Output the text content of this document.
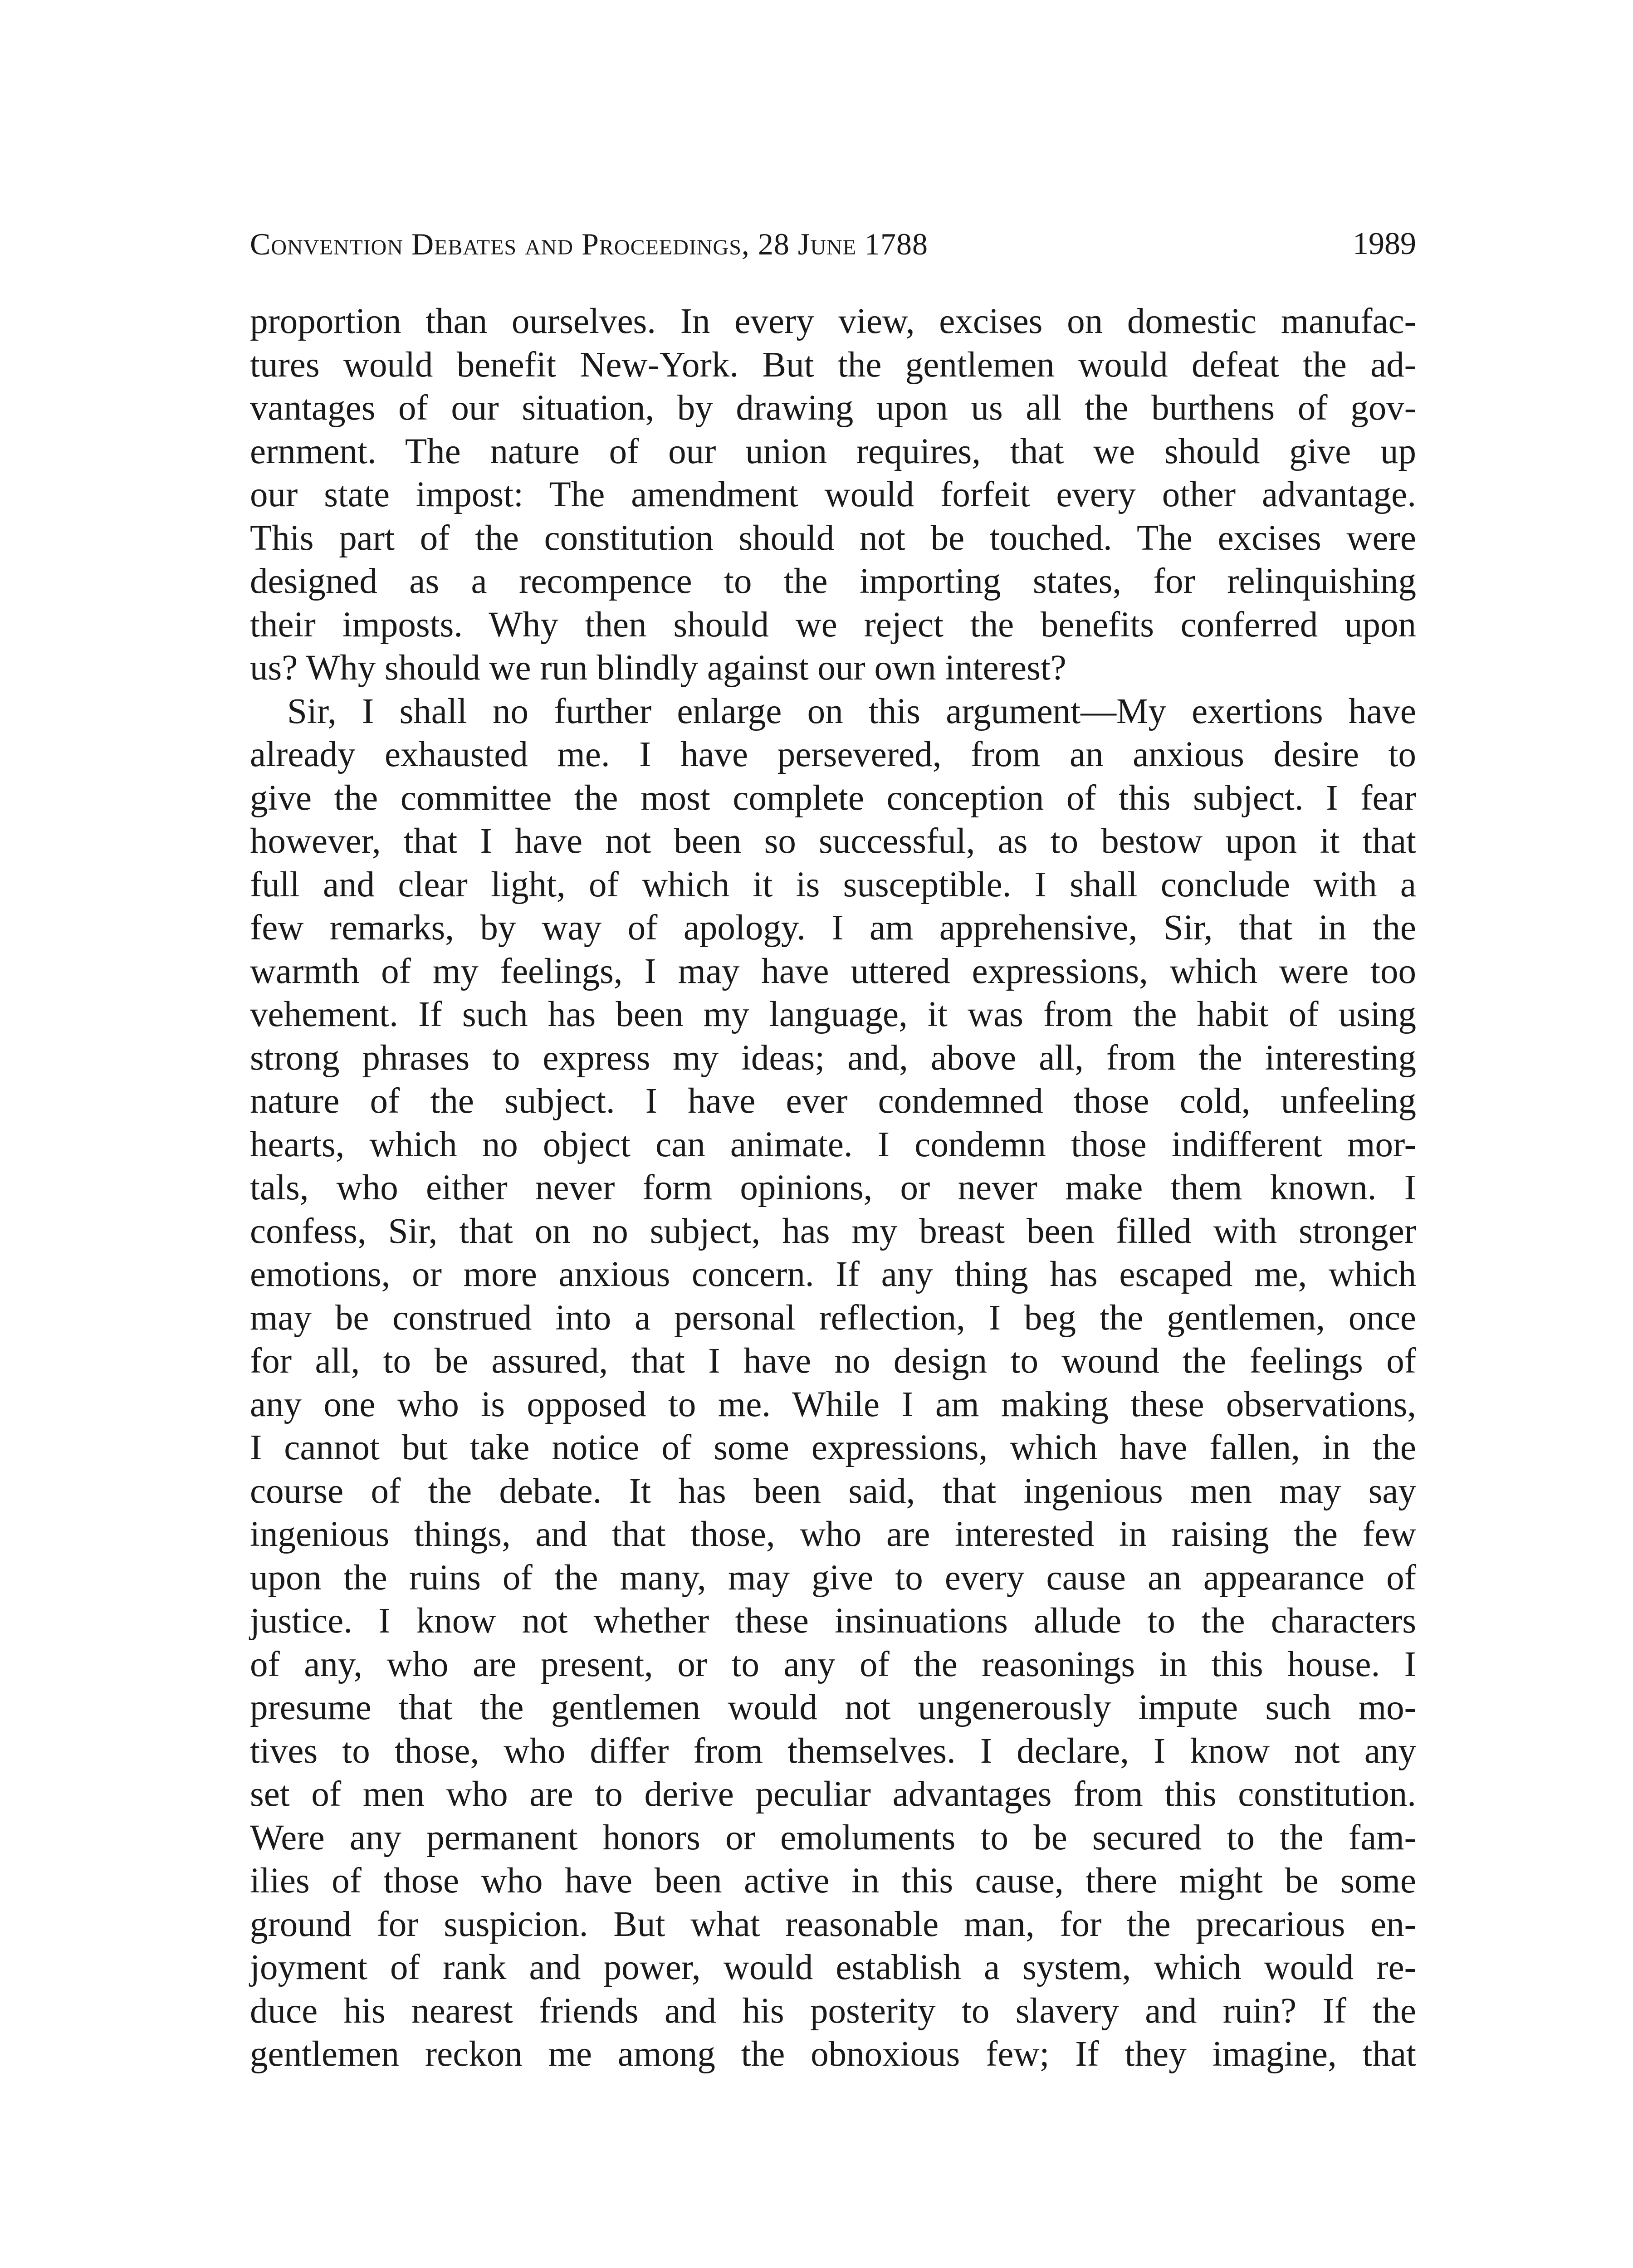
Convention Debates and Proceedings, 28 June 1788	1989
proportion than ourselves. In every view, excises on domestic manufac-
tures would benefit New-York. But the gentlemen would defeat the ad-
vantages of our situation, by drawing upon us all the burthens of gov-
ernment. The nature of our union requires, that we should give up
our state impost: The amendment would forfeit every other advantage.
This part of the constitution should not be touched. The excises were
designed as a recompence to the importing states, for relinquishing
their imposts. Why then should we reject the benefits conferred upon
us? Why should we run blindly against our own interest?
Sir, I shall no further enlarge on this argument—My exertions have
already exhausted me. I have persevered, from an anxious desire to
give the committee the most complete conception of this subject. I fear
however, that I have not been so successful, as to bestow upon it that
full and clear light, of which it is susceptible. I shall conclude with a
few remarks, by way of apology. I am apprehensive, Sir, that in the
warmth of my feelings, I may have uttered expressions, which were too
vehement. If such has been my language, it was from the habit of using
strong phrases to express my ideas; and, above all, from the interesting
nature of the subject. I have ever condemned those cold, unfeeling
hearts, which no object can animate. I condemn those indifferent mor-
tals, who either never form opinions, or never make them known. I
confess, Sir, that on no subject, has my breast been filled with stronger
emotions, or more anxious concern. If any thing has escaped me, which
may be construed into a personal reflection, I beg the gentlemen, once
for all, to be assured, that I have no design to wound the feelings of
any one who is opposed to me. While I am making these observations,
I cannot but take notice of some expressions, which have fallen, in the
course of the debate. It has been said, that ingenious men may say
ingenious things, and that those, who are interested in raising the few
upon the ruins of the many, may give to every cause an appearance of
justice. I know not whether these insinuations allude to the characters
of any, who are present, or to any of the reasonings in this house. I
presume that the gentlemen would not ungenerously impute such mo-
tives to those, who differ from themselves. I declare, I know not any
set of men who are to derive peculiar advantages from this constitution.
Were any permanent honors or emoluments to be secured to the fam-
ilies of those who have been active in this cause, there might be some
ground for suspicion. But what reasonable man, for the precarious en-
joyment of rank and power, would establish a system, which would re-
duce his nearest friends and his posterity to slavery and ruin? If the
gentlemen reckon me among the obnoxious few; If they imagine, that
